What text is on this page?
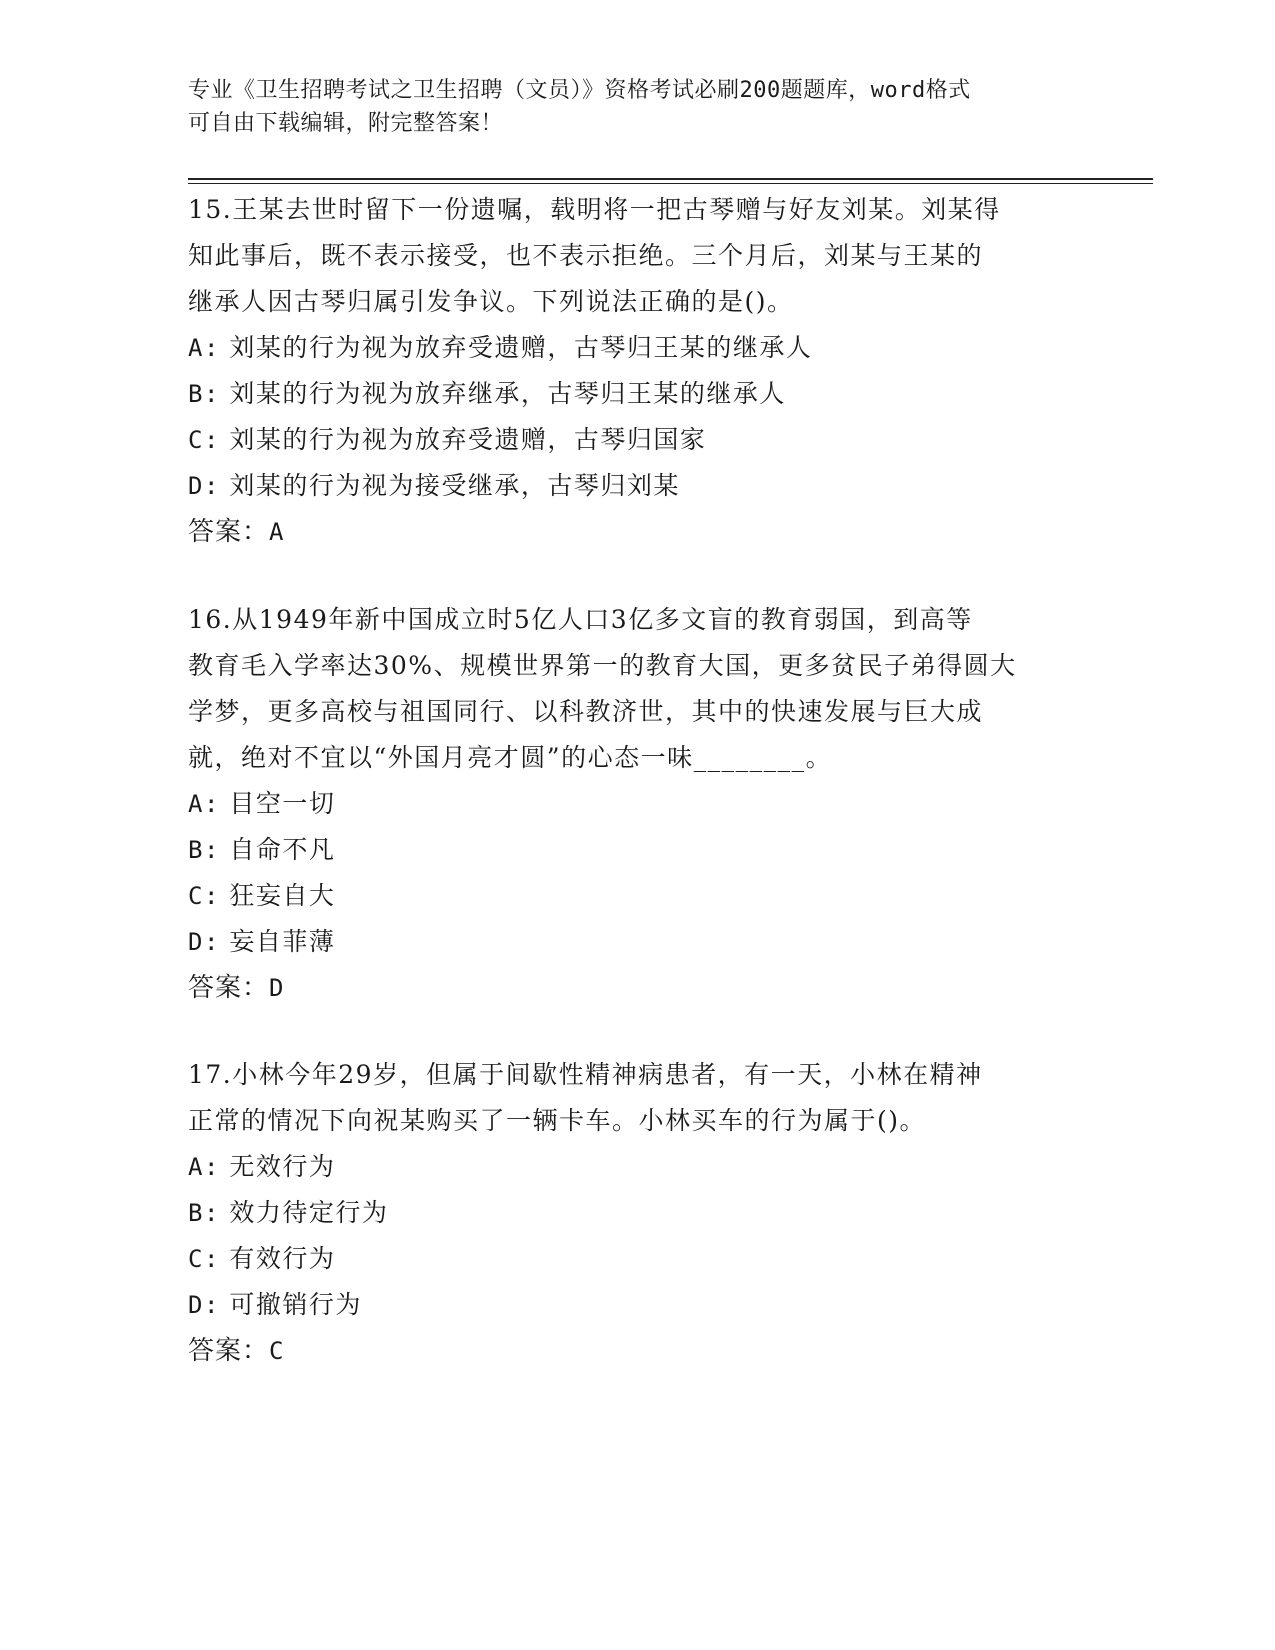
专业《卫生招聘考试之卫生招聘（文员）》资格考试必刷200题题库，word格式
可自由下载编辑，附完整答案！
15.王某去世时留下一份遗嘱，载明将一把古琴赠与好友刘某。刘某得
知此事后，既不表示接受，也不表示拒绝。三个月后，刘某与王某的
继承人因古琴归属引发争议。下列说法正确的是()。
A: 刘某的行为视为放弃受遗赠，古琴归王某的继承人
B: 刘某的行为视为放弃继承，古琴归王某的继承人
C: 刘某的行为视为放弃受遗赠，古琴归国家
D: 刘某的行为视为接受继承，古琴归刘某
答案：A
16.从1949年新中国成立时5亿人口3亿多文盲的教育弱国，到高等
教育毛入学率达30%、规模世界第一的教育大国，更多贫民子弟得圆大
学梦，更多高校与祖国同行、以科教济世，其中的快速发展与巨大成
就，绝对不宜以“外国月亮才圆”的心态一味________。
A: 目空一切
B: 自命不凡
C: 狂妄自大
D: 妄自菲薄
答案：D
17.小林今年29岁，但属于间歇性精神病患者，有一天，小林在精神
正常的情况下向祝某购买了一辆卡车。小林买车的行为属于()。
A: 无效行为
B: 效力待定行为
C: 有效行为
D: 可撤销行为
答案：C
